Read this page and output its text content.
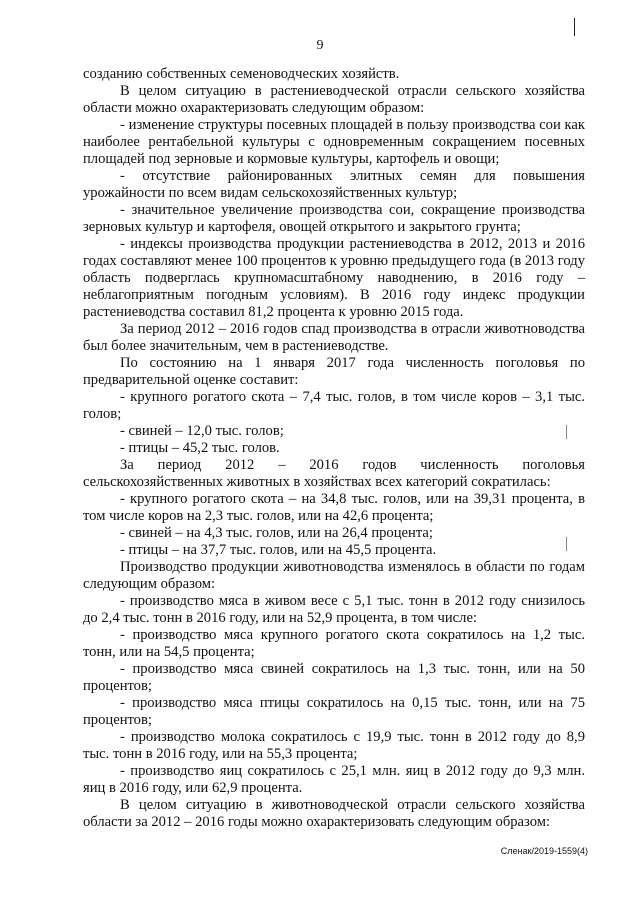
9

созданию собственных семеноводческих хозяйств.

В целом ситуацию в растениеводческой отрасли сельского хозяйства области можно охарактеризовать следующим образом:

- изменение структуры посевных площадей в пользу производства сои как наиболее рентабельной культуры с одновременным сокращением посевных площадей под зерновые и кормовые культуры, картофель и овощи;

- отсутствие районированных элитных семян для повышения урожайности по всем видам сельскохозяйственных культур;

- значительное увеличение производства сои, сокращение производства зерновых культур и картофеля, овощей открытого и закрытого грунта;

- индексы производства продукции растениеводства в 2012, 2013 и 2016 годах составляют менее 100 процентов к уровню предыдущего года (в 2013 году область подверглась крупномасштабному наводнению, в 2016 году – неблагоприятным погодным условиям). В 2016 году индекс продукции растениеводства составил 81,2 процента к уровню 2015 года.

За период 2012 – 2016 годов спад производства в отрасли животноводства был более значительным, чем в растениеводстве.

По состоянию на 1 января 2017 года численность поголовья по предварительной оценке составит:

- крупного рогатого скота – 7,4 тыс. голов, в том числе коров – 3,1 тыс. голов;

- свиней – 12,0 тыс. голов;

- птицы – 45,2 тыс. голов.

За период 2012 – 2016 годов численность поголовья сельскохозяйственных животных в хозяйствах всех категорий сократилась:

- крупного рогатого скота – на 34,8 тыс. голов, или на 39,31 процента, в том числе коров на 2,3 тыс. голов, или на 42,6 процента;

- свиней – на 4,3 тыс. голов, или на 26,4 процента;

- птицы – на 37,7 тыс. голов, или на 45,5 процента.

Производство продукции животноводства изменялось в области по годам следующим образом:

- производство мяса в живом весе с 5,1 тыс. тонн в 2012 году снизилось до 2,4 тыс. тонн в 2016 году, или на 52,9 процента, в том числе:

- производство мяса крупного рогатого скота сократилось на 1,2 тыс. тонн, или на 54,5 процента;

- производство мяса свиней сократилось на 1,3 тыс. тонн, или на 50 процентов;

- производство мяса птицы сократилось на 0,15 тыс. тонн, или на 75 процентов;

- производство молока сократилось с 19,9 тыс. тонн в 2012 году до 8,9 тыс. тонн в 2016 году, или на 55,3 процента;

- производство яиц сократилось с 25,1 млн. яиц в 2012 году до 9,3 млн. яиц в 2016 году, или 62,9 процента.

В целом ситуацию в животноводческой отрасли сельского хозяйства области за 2012 – 2016 годы можно охарактеризовать следующим образом:

Сленак/2019-1559(4)
